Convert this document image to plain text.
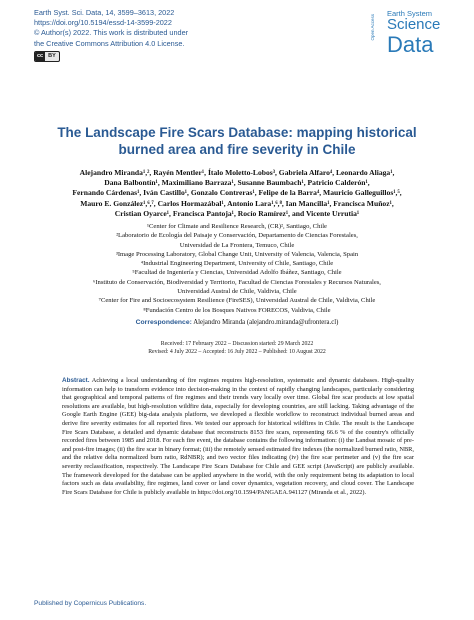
Earth Syst. Sci. Data, 14, 3599–3613, 2022
https://doi.org/10.5194/essd-14-3599-2022
© Author(s) 2022. This work is distributed under
the Creative Commons Attribution 4.0 License.
cc BY
Open Access
Earth System
Science
Data
The Landscape Fire Scars Database: mapping historical
burned area and fire severity in Chile
Alejandro Miranda¹,², Rayén Mentler¹, Ítalo Moletto-Lobos³, Gabriela Alfaro⁴, Leonardo Aliaga¹,
Dana Balbontín¹, Maximiliano Barraza¹, Susanne Baumbach¹, Patricio Calderón¹,
Fernando Cárdenas¹, Iván Castillo¹, Gonzalo Contreras¹, Felipe de la Barra⁴, Mauricio Galleguillos¹,⁵,
Mauro E. González¹,⁶,⁷, Carlos Hormazábal¹, Antonio Lara¹,⁶,⁸, Ian Mancilla¹, Francisca Muñoz¹,
Cristian Oyarce¹, Francisca Pantoja¹, Rocío Ramírez¹, and Vicente Urrutia¹
¹Center for Climate and Resilience Research, (CR)², Santiago, Chile
²Laboratorio de Ecología del Paisaje y Conservación, Departamento de Ciencias Forestales,
Universidad de La Frontera, Temuco, Chile
³Image Processing Laboratory, Global Change Unit, University of Valencia, Valencia, Spain
⁴Industrial Engineering Department, University of Chile, Santiago, Chile
⁵Facultad de Ingeniería y Ciencias, Universidad Adolfo Ibáñez, Santiago, Chile
⁶Instituto de Conservación, Biodiversidad y Territorio, Facultad de Ciencias Forestales y Recursos Naturales,
Universidad Austral de Chile, Valdivia, Chile
⁷Center for Fire and Socioecosystem Resilience (FireSES), Universidad Austral de Chile, Valdivia, Chile
⁸Fundación Centro de los Bosques Nativos FORECOS, Valdivia, Chile
Correspondence: Alejandro Miranda (alejandro.miranda@ufrontera.cl)
Received: 17 February 2022 – Discussion started: 29 March 2022
Revised: 4 July 2022 – Accepted: 16 July 2022 – Published: 10 August 2022
Abstract. Achieving a local understanding of fire regimes requires high-resolution, systematic and dynamic databases. High-quality information can help to transform evidence into decision-making in the context of rapidly changing landscapes, particularly considering that geographical and temporal patterns of fire regimes and their trends vary locally over time. Global fire scar products at low spatial resolutions are available, but high-resolution wildfire data, especially for developing countries, are still lacking. Taking advantage of the Google Earth Engine (GEE) big-data analysis platform, we developed a flexible workflow to reconstruct individual burned areas and derive fire severity estimates for all reported fires. We tested our approach for historical wildfires in Chile. The result is the Landscape Fire Scars Database, a detailed and dynamic database that reconstructs 8153 fire scars, representing 66.6 % of the country's officially recorded fires between 1985 and 2018. For each fire event, the database contains the following information: (i) the Landsat mosaic of pre- and post-fire images; (ii) the fire scar in binary format; (iii) the remotely sensed estimated fire indexes (the normalized burned ratio, NBR, and the relative delta normalized burn ratio, RdNBR); and two vector files indicating (iv) the fire scar perimeter and (v) the fire scar severity reclassification, respectively. The Landscape Fire Scars Database for Chile and GEE script (JavaScript) are publicly available. The framework developed for the database can be applied anywhere in the world, with the only requirement being its adaptation to local factors such as data availability, fire regimes, land cover or land cover dynamics, vegetation recovery, and cloud cover. The Landscape Fire Scars Database for Chile is publicly available in https://doi.org/10.1594/PANGAEA.941127 (Miranda et al., 2022).
Published by Copernicus Publications.
